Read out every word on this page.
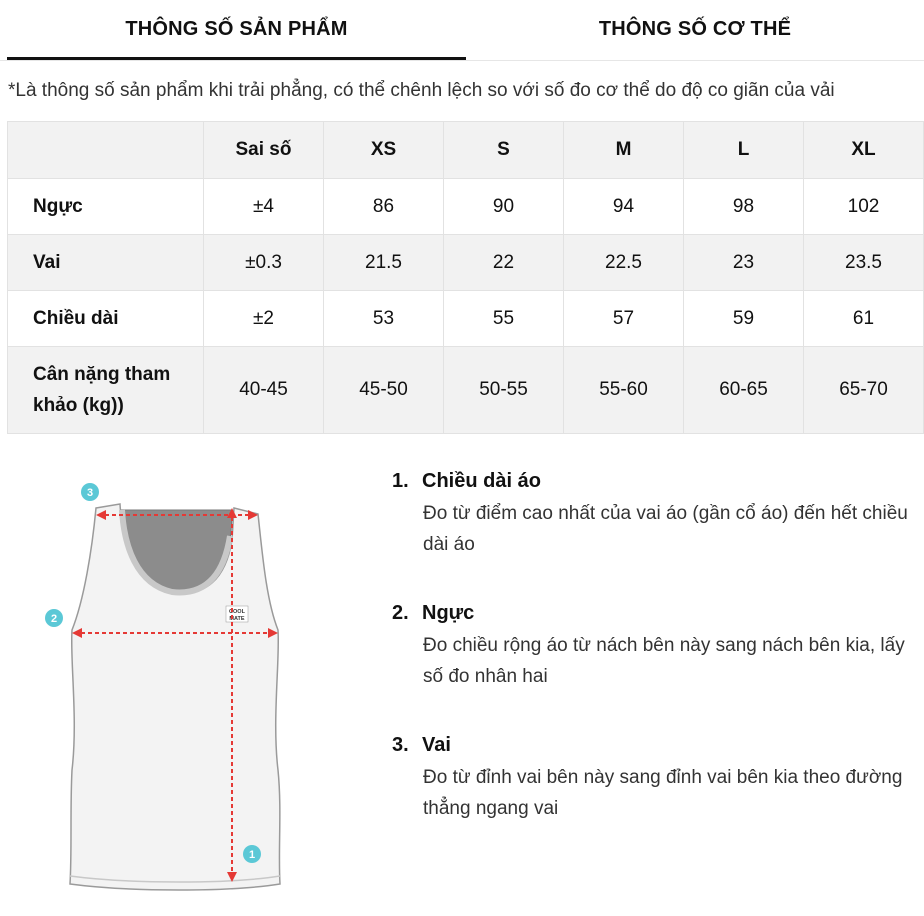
THÔNG SỐ SẢN PHẨM	THÔNG SỐ CƠ THỂ
*Là thông số sản phẩm khi trải phẳng, có thể chênh lệch so với số đo cơ thể do độ co giãn của vải
	Sai số	XS	S	M	L	XL
Ngực	±4	86	90	94	98	102
Vai	±0.3	21.5	22	22.5	23	23.5
Chiều dài	±2	53	55	57	59	61
Cân nặng tham khảo (kg))	40-45	45-50	50-55	55-60	60-65	65-70
COOL
MATE
3
2
1
1. Chiều dài áo
Đo từ điểm cao nhất của vai áo (gần cổ áo) đến hết chiều dài áo
2. Ngực
Đo chiều rộng áo từ nách bên này sang nách bên kia, lấy số đo nhân hai
3. Vai
Đo từ đỉnh vai bên này sang đỉnh vai bên kia theo đường thẳng ngang vai
